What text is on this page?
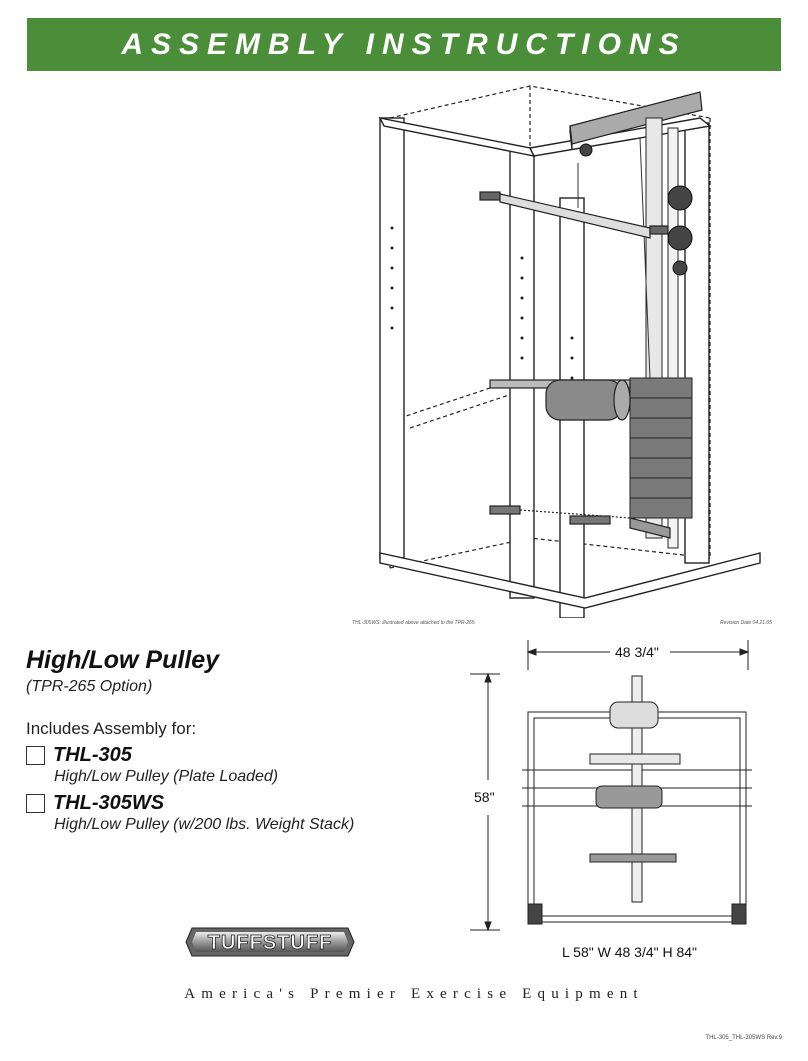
ASSEMBLY INSTRUCTIONS
THL-305WS: illustrated above attached to the TPR-265	Revision Date 04.21.05
High/Low Pulley
(TPR-265 Option)
Includes Assembly for:
THL-305
High/Low Pulley (Plate Loaded)
THL-305WS
High/Low Pulley (w/200 lbs. Weight Stack)
48 3/4"
58"
L 58" W 48 3/4" H 84"
TUFFSTUFF
America's Premier Exercise Equipment
THL-305_THL-305WS Rev.9
